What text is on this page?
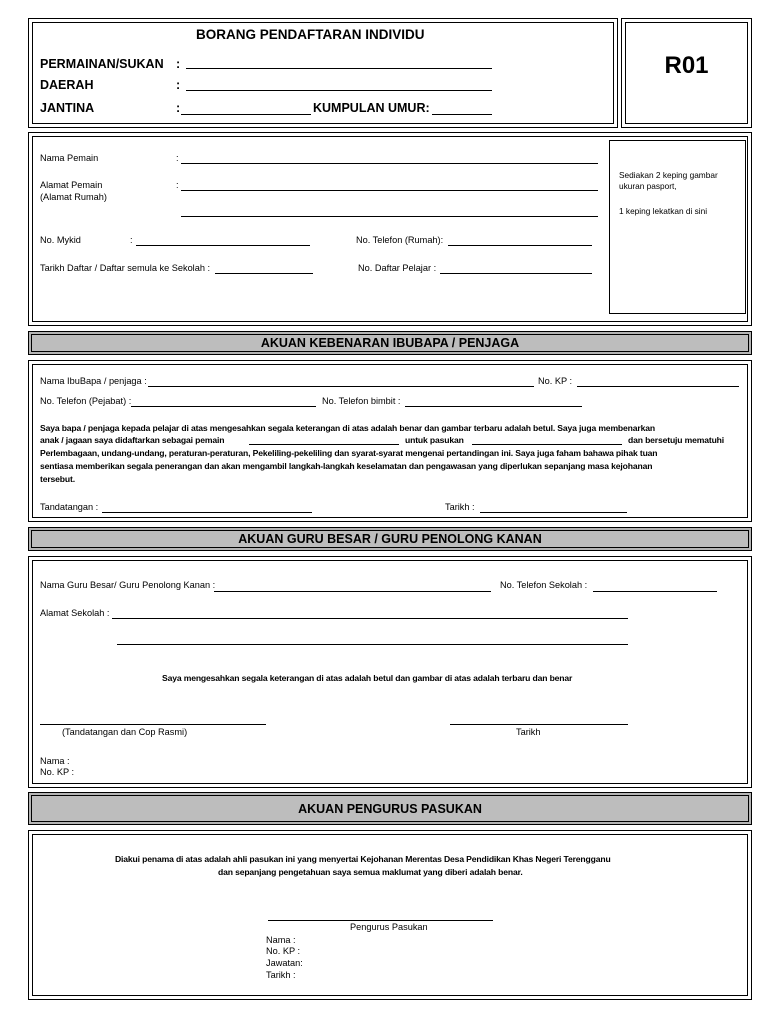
BORANG PENDAFTARAN INDIVIDU
PERMAINAN/SUKAN :
DAERAH	:
JANTINA	:	KUMPULAN UMUR:
R01
Nama Pemain	:
Alamat Pemain
(Alamat Rumah)
:
No. Mykid	:	No. Telefon (Rumah):
Tarikh Daftar / Daftar semula ke Sekolah :	No. Daftar Pelajar :
Sediakan 2 keping gambar
ukuran pasport,
1 keping lekatkan di sini
AKUAN KEBENARAN IBUBAPA / PENJAGA
Nama IbuBapa / penjaga :	No. KP :
No. Telefon (Pejabat) :	No. Telefon bimbit :
Saya bapa / penjaga kepada pelajar di atas mengesahkan segala keterangan di atas adalah benar dan gambar terbaru adalah betul. Saya juga membenarkan
anak / jagaan saya didaftarkan sebagai pemain	untuk pasukan	dan bersetuju mematuhi
Perlembagaan, undang-undang, peraturan-peraturan, Pekeliling-pekeliling dan syarat-syarat mengenai pertandingan ini. Saya juga faham bahawa pihak tuan
sentiasa memberikan segala penerangan dan akan mengambil langkah-langkah keselamatan dan pengawasan yang diperlukan sepanjang masa kejohanan
tersebut.
Tandatangan :	Tarikh :
AKUAN GURU BESAR / GURU PENOLONG KANAN
Nama Guru Besar/ Guru Penolong Kanan :	No. Telefon Sekolah :
Alamat Sekolah :
Saya mengesahkan segala keterangan di atas adalah betul dan gambar di atas adalah terbaru dan benar
(Tandatangan dan Cop Rasmi)	Tarikh
Nama :
No. KP :
AKUAN PENGURUS PASUKAN
Diakui penama di atas adalah ahli pasukan ini yang menyertai Kejohanan Merentas Desa Pendidikan Khas Negeri Terengganu
dan sepanjang pengetahuan saya semua maklumat yang diberi adalah benar.
Pengurus Pasukan
Nama :
No. KP :
Jawatan:
Tarikh :
